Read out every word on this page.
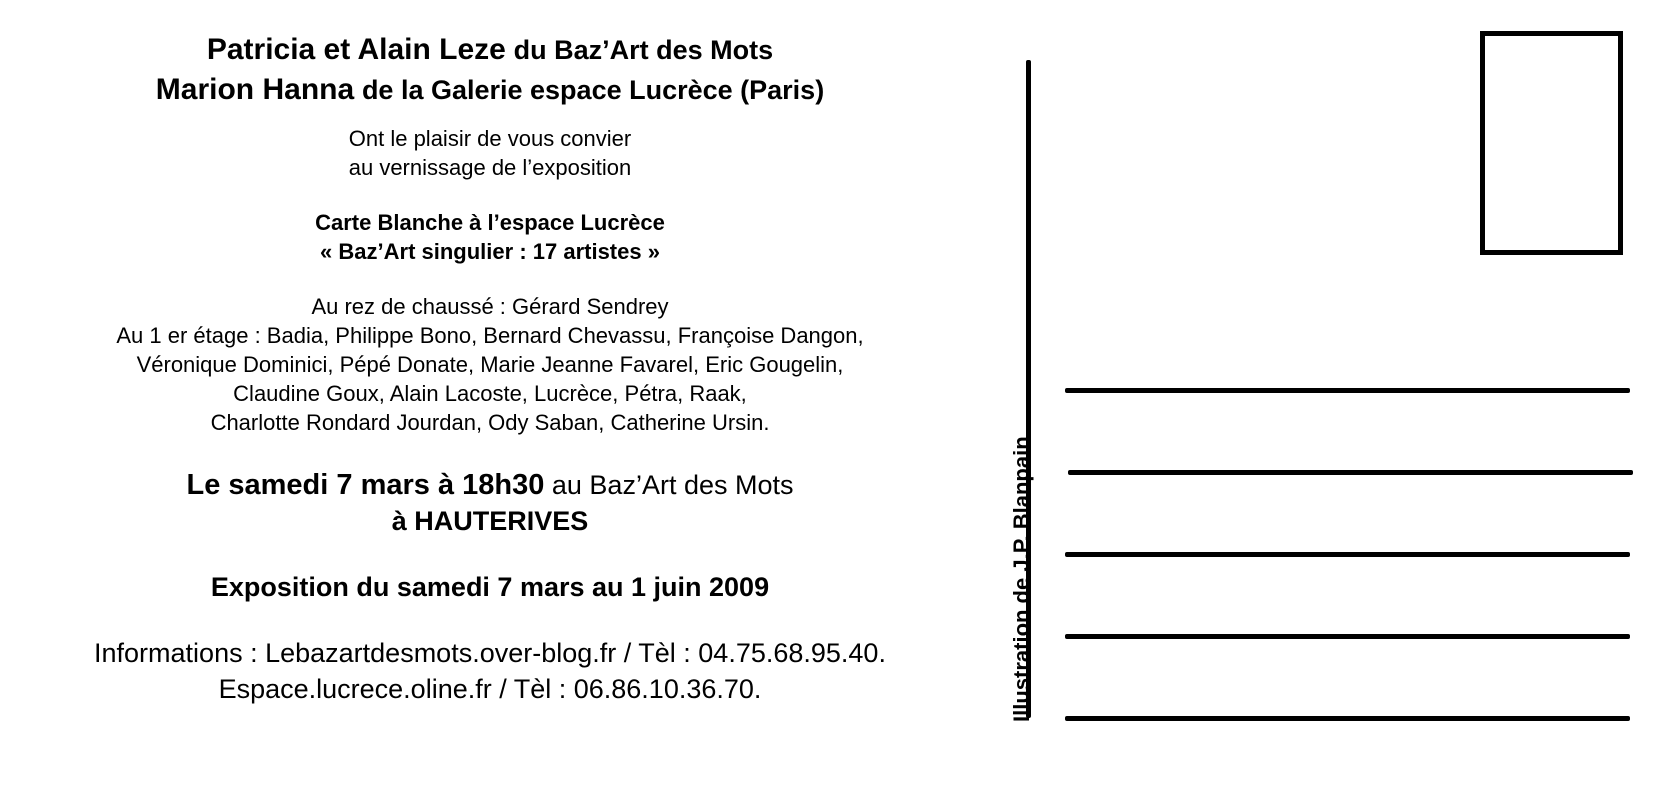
Patricia et Alain Leze du Baz’Art des Mots
Marion Hanna de la Galerie espace Lucrèce (Paris)
Ont le plaisir de vous convier
au vernissage de l’exposition
Carte Blanche à l’espace Lucrèce
« Baz’Art singulier : 17 artistes »
Au rez de chaussé : Gérard Sendrey
Au 1 er étage : Badia, Philippe Bono, Bernard Chevassu, Françoise Dangon,
Véronique Dominici, Pépé Donate, Marie Jeanne Favarel, Eric Gougelin,
Claudine Goux, Alain Lacoste, Lucrèce, Pétra, Raak,
Charlotte Rondard Jourdan, Ody Saban, Catherine Ursin.
Le samedi 7 mars à 18h30 au Baz’Art des Mots
à HAUTERIVES
Exposition du samedi 7 mars au 1 juin 2009
Informations : Lebazartdesmots.over-blog.fr / Tèl : 04.75.68.95.40.
Espace.lucrece.oline.fr / Tèl : 06.86.10.36.70.	Illustration de J.P. Blanpain
